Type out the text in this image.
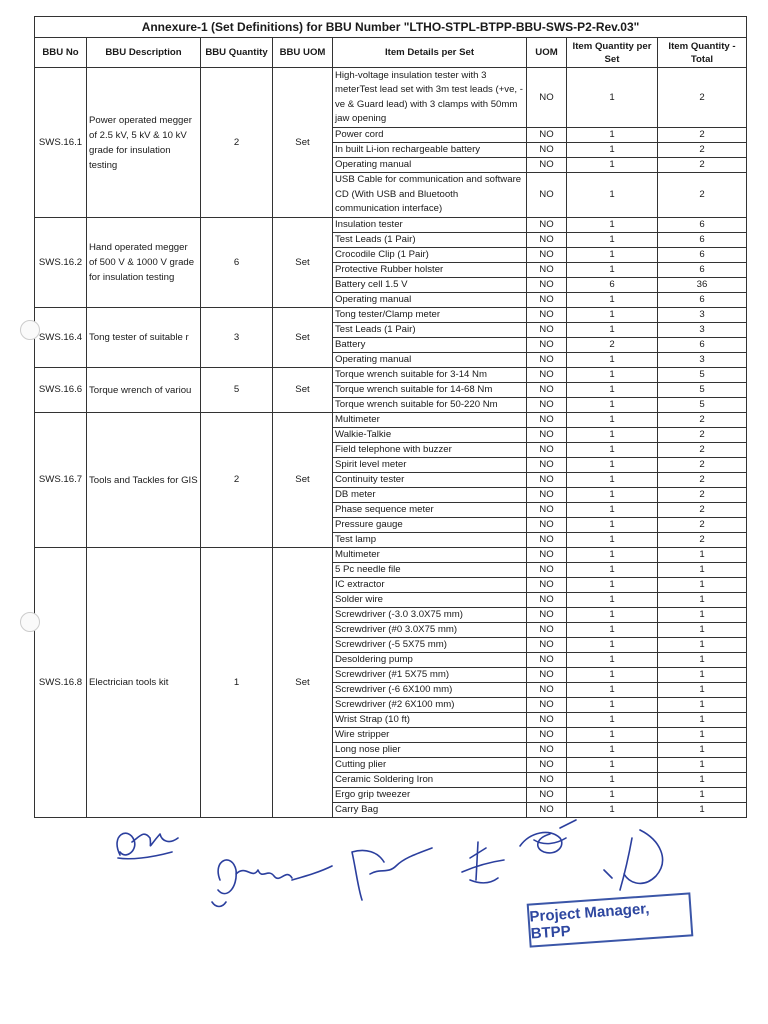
Annexure-1 (Set Definitions) for BBU Number "LTHO-STPL-BTPP-BBU-SWS-P2-Rev.03"							
BBU No	BBU Description	BBU Quantity	BBU UOM	Item Details per Set	UOM	Item Quantity per Set	Item Quantity - Total
SWS.16.1	Power operated megger of 2.5 kV, 5 kV & 10 kV grade for insulation testing	2	Set	High-voltage insulation tester with 3 meterTest lead set with 3m test leads (+ve, -ve & Guard lead) with 3 clamps with 50mm jaw opening	NO	1	2
				Power cord	NO	1	2
				In built Li-ion rechargeable battery	NO	1	2
				Operating manual	NO	1	2
				USB Cable for communication and software CD (With USB and Bluetooth communication interface)	NO	1	2
SWS.16.2	Hand operated megger of 500 V & 1000 V grade for insulation testing	6	Set	Insulation tester	NO	1	6
				Test Leads (1 Pair)	NO	1	6
				Crocodile Clip (1 Pair)	NO	1	6
				Protective Rubber holster	NO	1	6
				Battery cell 1.5 V	NO	6	36
				Operating manual	NO	1	6
SWS.16.4	Tong tester of suitable r	3	Set	Tong tester/Clamp meter	NO	1	3
				Test Leads (1 Pair)	NO	1	3
				Battery	NO	2	6
				Operating manual	NO	1	3
SWS.16.6	Torque wrench of variou	5	Set	Torque wrench suitable for 3-14 Nm	NO	1	5
				Torque wrench suitable for 14-68 Nm	NO	1	5
				Torque wrench suitable for 50-220 Nm	NO	1	5
SWS.16.7	Tools and Tackles for GIS	2	Set	Multimeter	NO	1	2
				Walkie-Talkie	NO	1	2
				Field telephone with buzzer	NO	1	2
				Spirit level meter	NO	1	2
				Continuity tester	NO	1	2
				DB meter	NO	1	2
				Phase sequence meter	NO	1	2
				Pressure gauge	NO	1	2
				Test lamp	NO	1	2
SWS.16.8	Electrician tools kit	1	Set	Multimeter	NO	1	1
				5 Pc needle file	NO	1	1
				IC extractor	NO	1	1
				Solder wire	NO	1	1
				Screwdriver (-3.0 3.0X75 mm)	NO	1	1
				Screwdriver (#0 3.0X75 mm)	NO	1	1
				Screwdriver (-5 5X75 mm)	NO	1	1
				Desoldering pump	NO	1	1
				Screwdriver (#1 5X75 mm)	NO	1	1
				Screwdriver (-6 6X100 mm)	NO	1	1
				Screwdriver (#2 6X100 mm)	NO	1	1
				Wrist Strap (10 ft)	NO	1	1
				Wire stripper	NO	1	1
				Long nose plier	NO	1	1
				Cutting plier	NO	1	1
				Ceramic Soldering Iron	NO	1	1
				Ergo grip tweezer	NO	1	1
				Carry Bag	NO	1	1
Project Manager, BTPP
